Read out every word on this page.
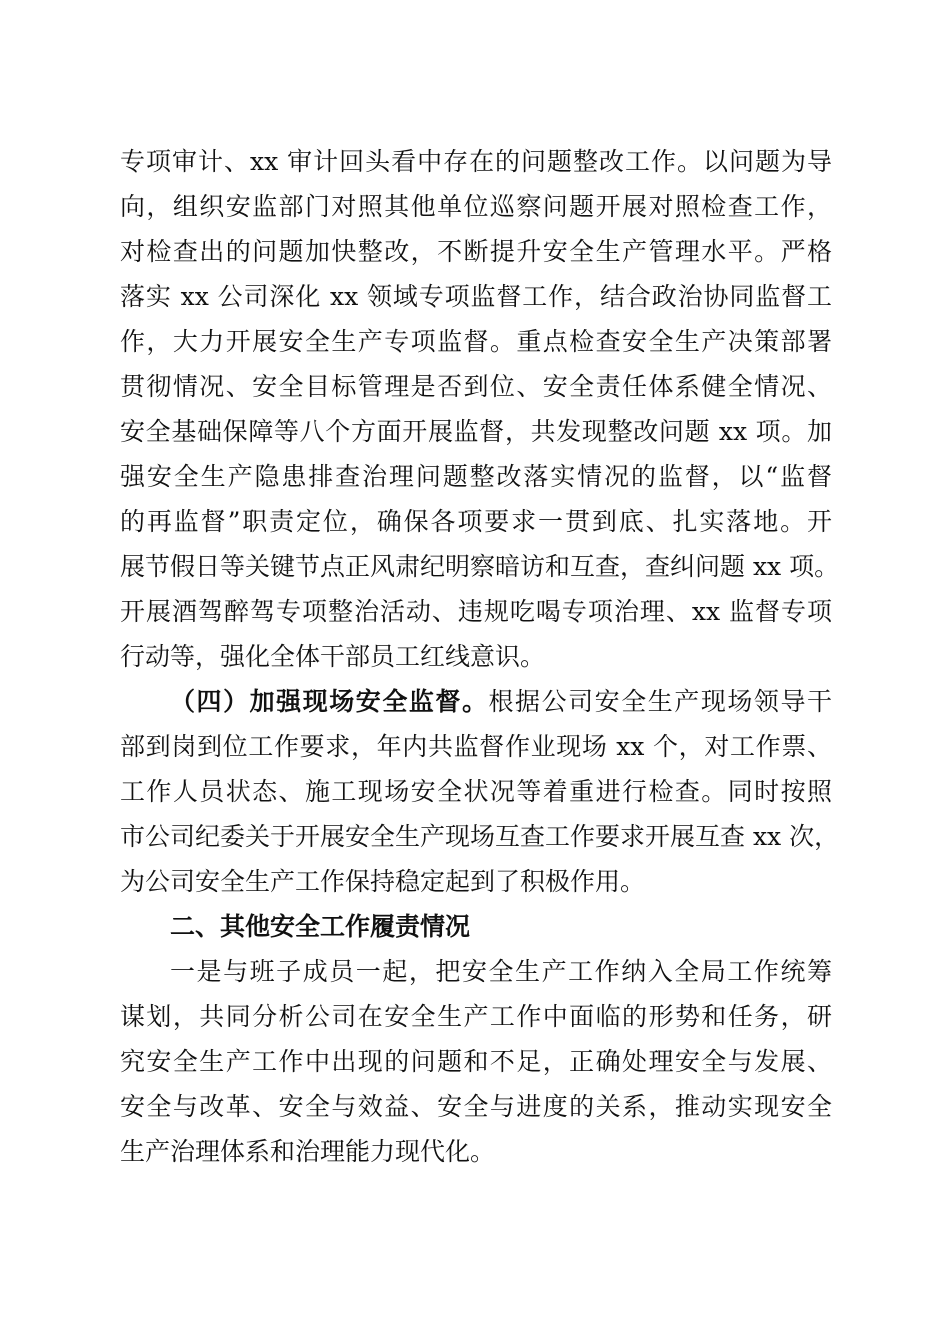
专项审计、xx 审计回头看中存在的问题整改工作。以问题为导
向，组织安监部门对照其他单位巡察问题开展对照检查工作，
对检查出的问题加快整改，不断提升安全生产管理水平。严格
落实 xx 公司深化 xx 领域专项监督工作，结合政治协同监督工
作，大力开展安全生产专项监督。重点检查安全生产决策部署
贯彻情况、安全目标管理是否到位、安全责任体系健全情况、
安全基础保障等八个方面开展监督，共发现整改问题 xx 项。加
强安全生产隐患排查治理问题整改落实情况的监督，以“监督
的再监督”职责定位，确保各项要求一贯到底、扎实落地。开
展节假日等关键节点正风肃纪明察暗访和互查，查纠问题 xx 项。
开展酒驾醉驾专项整治活动、违规吃喝专项治理、xx 监督专项
行动等，强化全体干部员工红线意识。
（四）加强现场安全监督。根据公司安全生产现场领导干
部到岗到位工作要求，年内共监督作业现场 xx 个，对工作票、
工作人员状态、施工现场安全状况等着重进行检查。同时按照
市公司纪委关于开展安全生产现场互查工作要求开展互查 xx 次，
为公司安全生产工作保持稳定起到了积极作用。
二、其他安全工作履责情况
一是与班子成员一起，把安全生产工作纳入全局工作统筹
谋划，共同分析公司在安全生产工作中面临的形势和任务，研
究安全生产工作中出现的问题和不足，正确处理安全与发展、
安全与改革、安全与效益、安全与进度的关系，推动实现安全
生产治理体系和治理能力现代化。
